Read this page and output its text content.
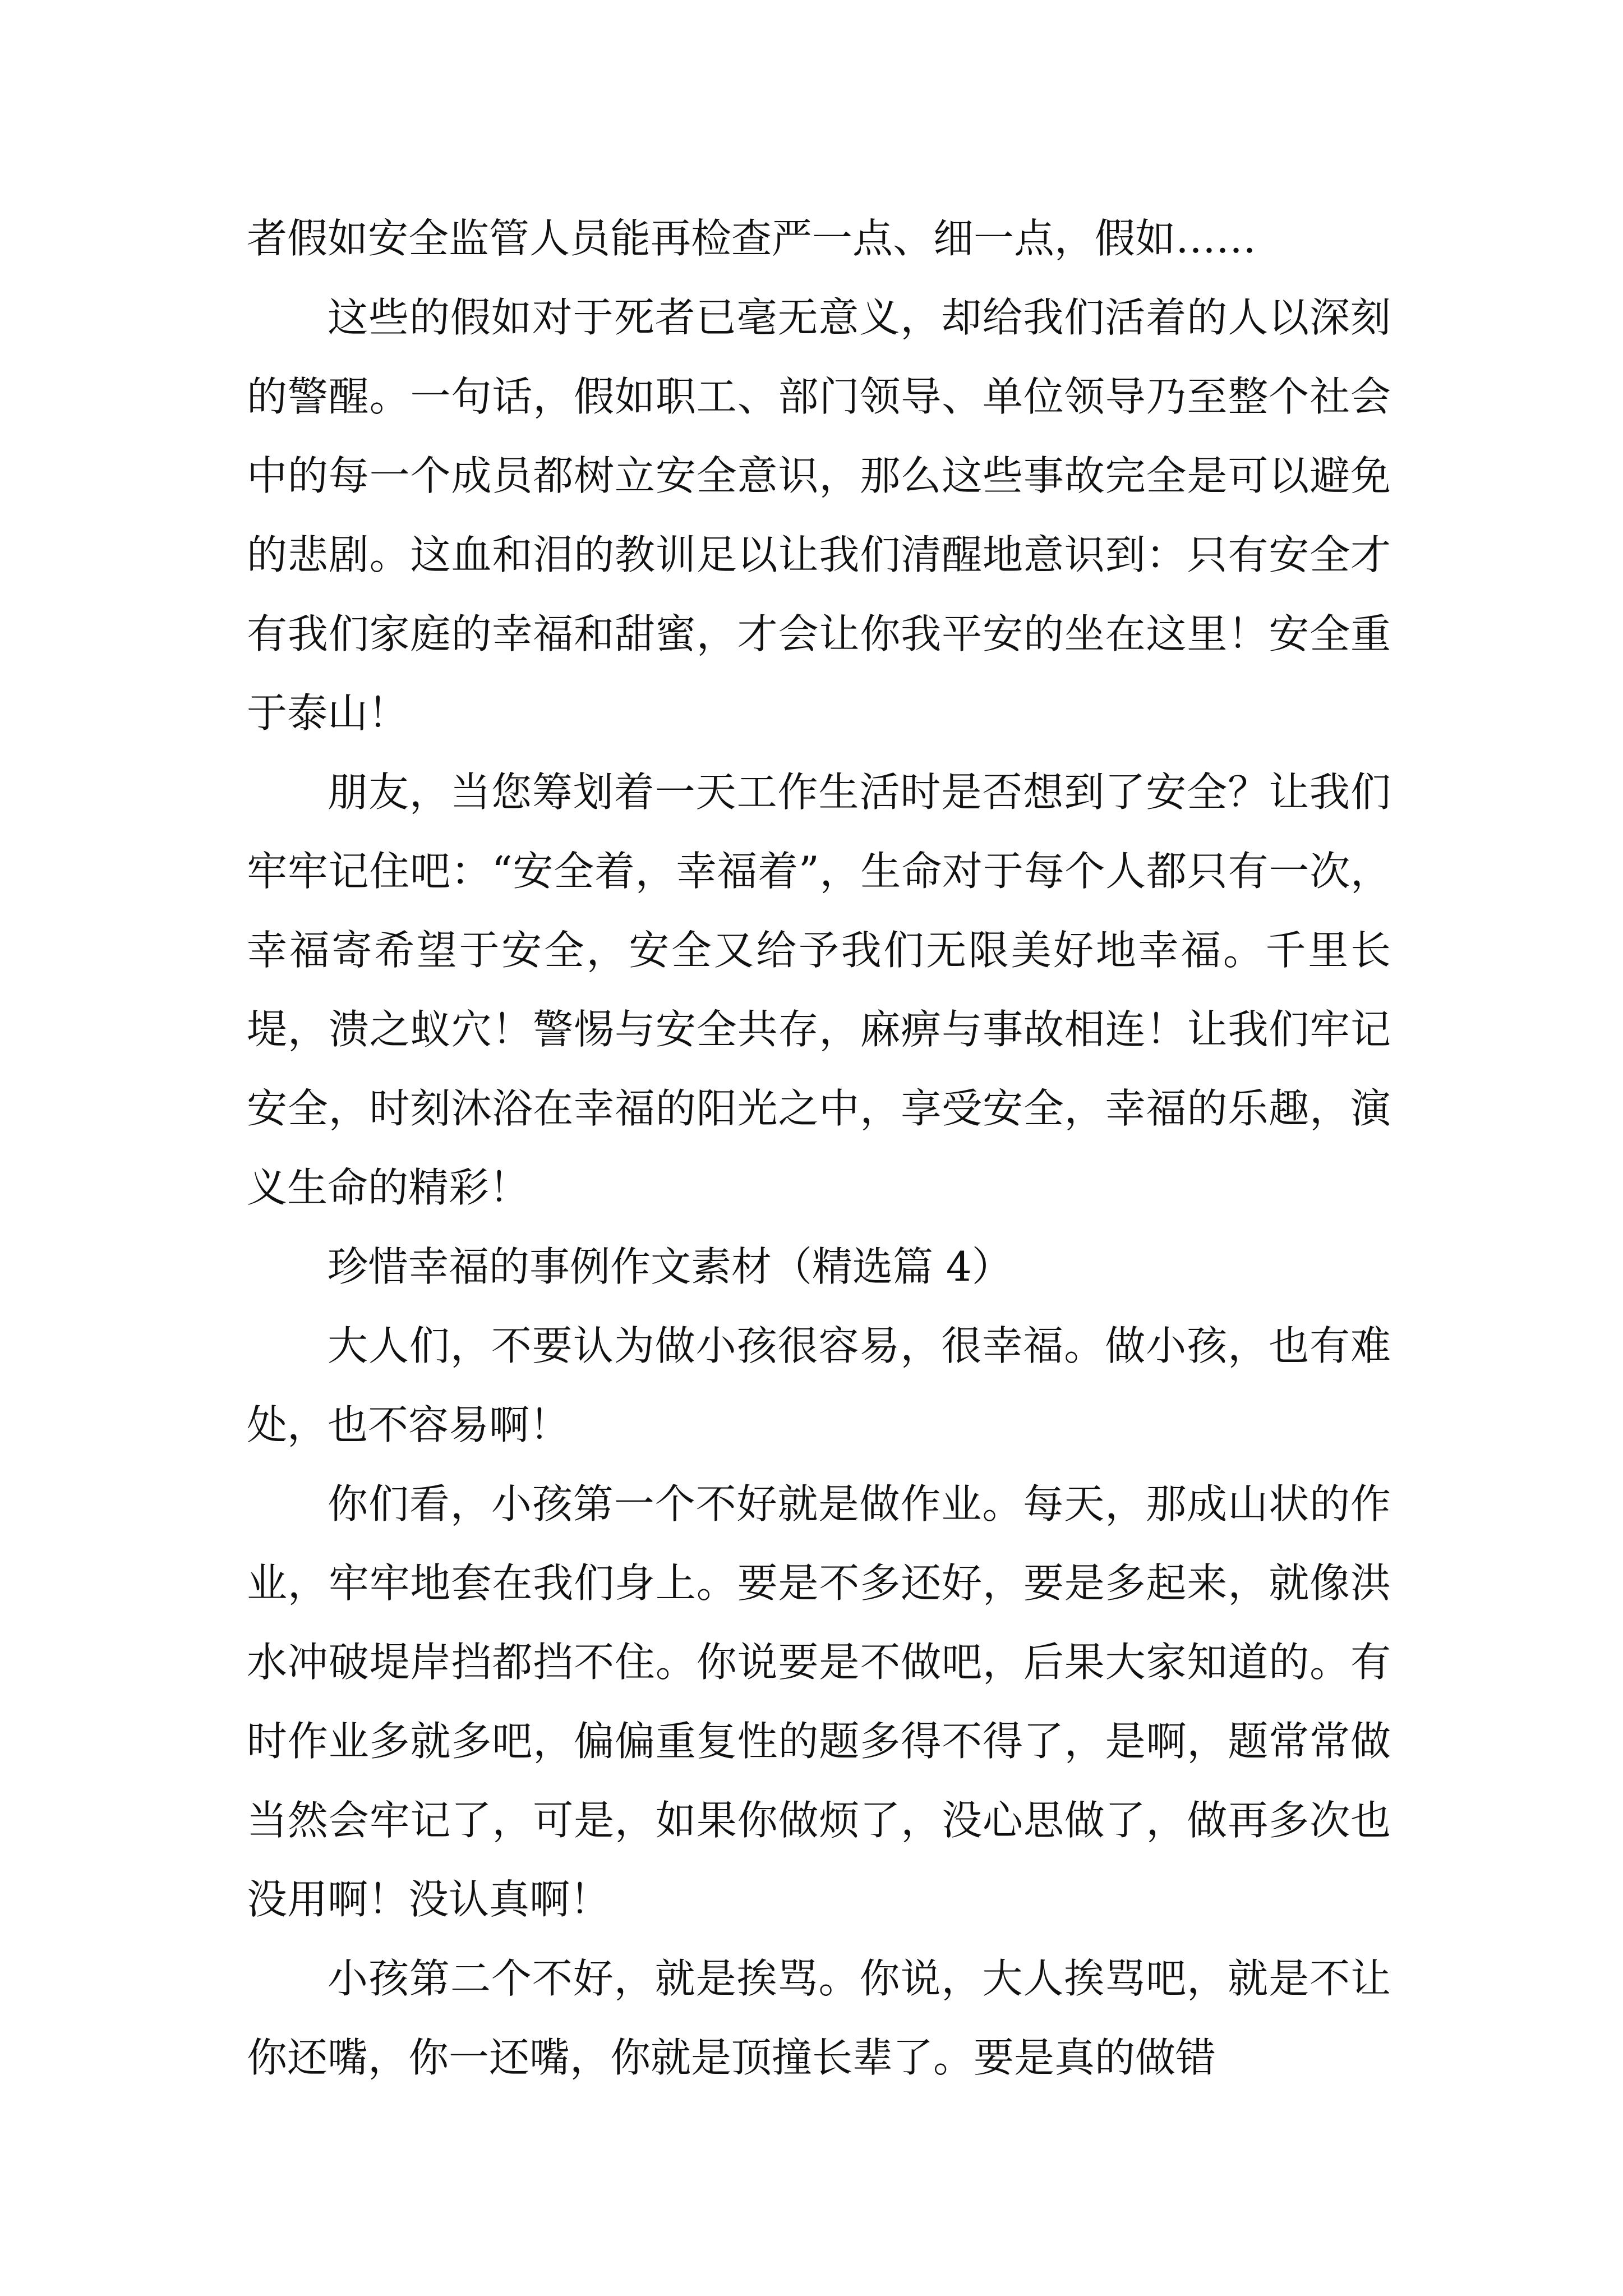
者假如安全监管人员能再检查严一点、细一点，假如……

这些的假如对于死者已毫无意义，却给我们活着的人以深刻的警醒。一句话，假如职工、部门领导、单位领导乃至整个社会中的每一个成员都树立安全意识，那么这些事故完全是可以避免的悲剧。这血和泪的教训足以让我们清醒地意识到：只有安全才有我们家庭的幸福和甜蜜，才会让你我平安的坐在这里！安全重于泰山！

朋友，当您筹划着一天工作生活时是否想到了安全？让我们牢牢记住吧：“安全着，幸福着”，生命对于每个人都只有一次，幸福寄希望于安全，安全又给予我们无限美好地幸福。千里长堤，溃之蚁穴！警惕与安全共存，麻痹与事故相连！让我们牢记安全，时刻沐浴在幸福的阳光之中，享受安全，幸福的乐趣，演义生命的精彩！

珍惜幸福的事例作文素材（精选篇 4）

大人们，不要认为做小孩很容易，很幸福。做小孩，也有难处，也不容易啊！

你们看，小孩第一个不好就是做作业。每天，那成山状的作业，牢牢地套在我们身上。要是不多还好，要是多起来，就像洪水冲破堤岸挡都挡不住。你说要是不做吧，后果大家知道的。有时作业多就多吧，偏偏重复性的题多得不得了，是啊，题常常做当然会牢记了，可是，如果你做烦了，没心思做了，做再多次也没用啊！没认真啊！

小孩第二个不好，就是挨骂。你说，大人挨骂吧，就是不让你还嘴，你一还嘴，你就是顶撞长辈了。要是真的做错
